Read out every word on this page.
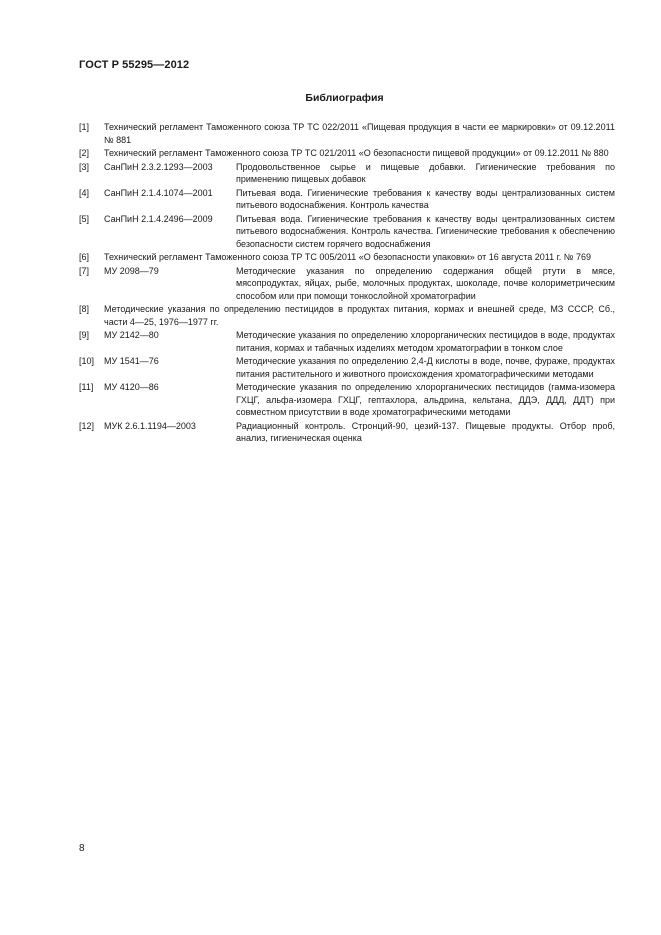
ГОСТ Р 55295—2012
Библиография
[1] Технический регламент Таможенного союза ТР ТС 022/2011 «Пищевая продукция в части ее маркировки» от 09.12.2011 № 881
[2] Технический регламент Таможенного союза ТР ТС 021/2011 «О безопасности пищевой продукции» от 09.12.2011 № 880
[3] СанПиН 2.3.2.1293—2003	Продовольственное сырье и пищевые добавки. Гигиенические требования по применению пищевых добавок
[4] СанПиН 2.1.4.1074—2001	Питьевая вода. Гигиенические требования к качеству воды централизованных систем питьевого водоснабжения. Контроль качества
[5] СанПиН 2.1.4.2496—2009	Питьевая вода. Гигиенические требования к качеству воды централизованных систем питьевого водоснабжения. Контроль качества. Гигиенические требования к обеспечению безопасности систем горячего водоснабжения
[6] Технический регламент Таможенного союза ТР ТС 005/2011 «О безопасности упаковки» от 16 августа 2011 г. № 769
[7] МУ 2098—79	Методические указания по определению содержания общей ртути в мясе, мясопродуктах, яйцах, рыбе, молочных продуктах, шоколаде, почве колориметрическим способом или при помощи тонкослойной хроматографии
[8] Методические указания по определению пестицидов в продуктах питания, кормах и внешней среде, МЗ СССР, Сб., части 4—25, 1976—1977 гг.
[9] МУ 2142—80	Методические указания по определению хлорорганических пестицидов в воде, продуктах питания, кормах и табачных изделиях методом хроматографии в тонком слое
[10] МУ 1541—76	Методические указания по определению 2,4-Д кислоты в воде, почве, фураже, продуктах питания растительного и животного происхождения хроматографическими методами
[11] МУ 4120—86	Методические указания по определению хлорорганических пестицидов (гамма-изомера ГХЦГ, альфа-изомера ГХЦГ, гептахлора, альдрина, кельтана, ДДЭ, ДДД, ДДТ) при совместном присутствии в воде хроматографическими методами
[12] МУК 2.6.1.1194—2003	Радиационный контроль. Стронций-90, цезий-137. Пищевые продукты. Отбор проб, анализ, гигиеническая оценка
8
